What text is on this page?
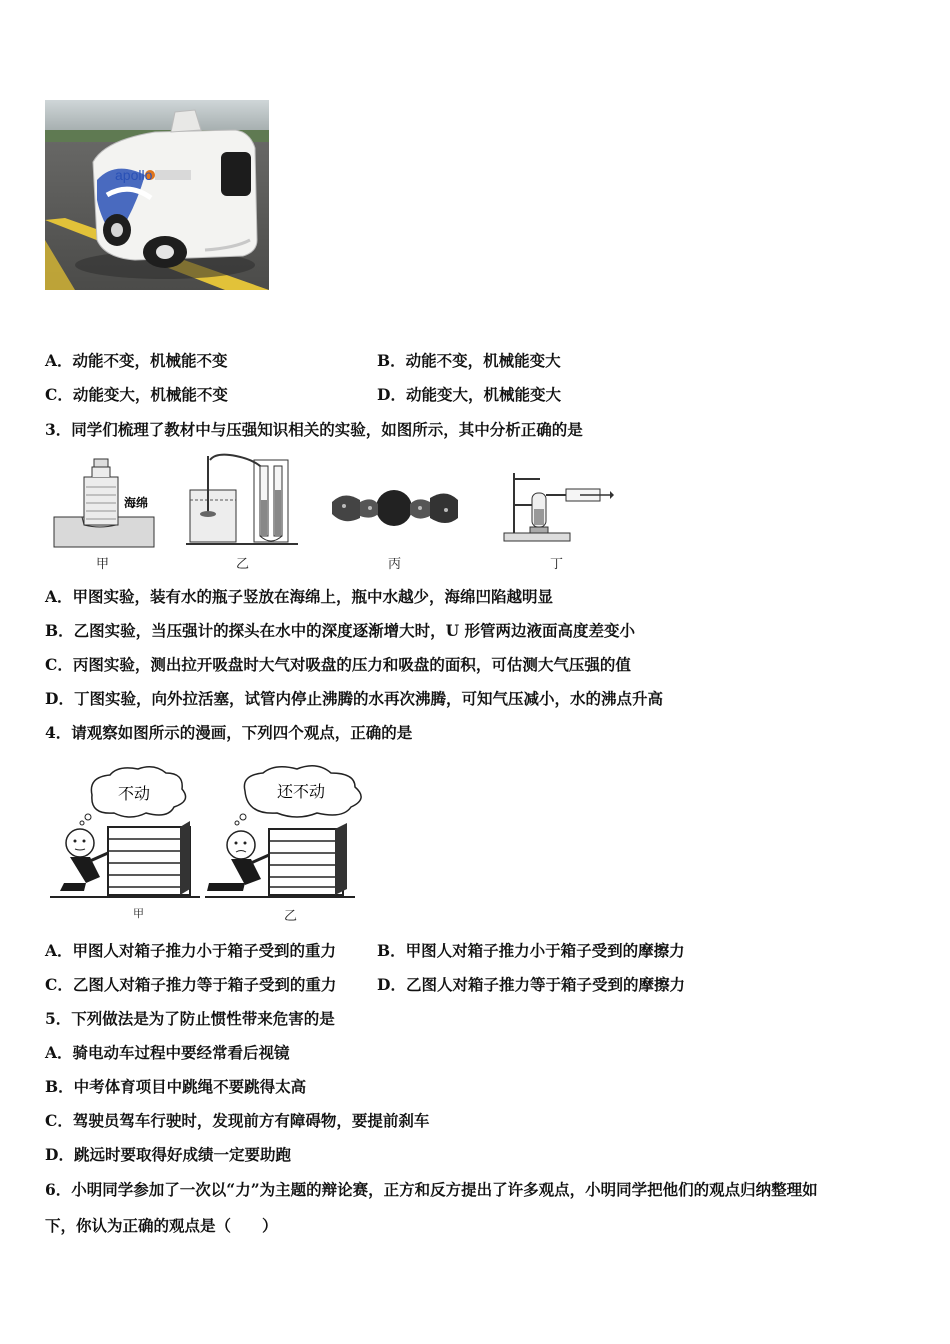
apollo
A．动能不变，机械能不变	B．动能不变，机械能变大
C．动能变大，机械能不变	D．动能变大，机械能变大
3．同学们梳理了教材中与压强知识相关的实验，如图所示，其中分析正确的是
海绵
甲	乙	丙	丁
A．甲图实验，装有水的瓶子竖放在海绵上，瓶中水越少，海绵凹陷越明显
B．乙图实验，当压强计的探头在水中的深度逐渐增大时，U 形管两边液面高度差变小
C．丙图实验，测出拉开吸盘时大气对吸盘的压力和吸盘的面积，可估测大气压强的值
D．丁图实验，向外拉活塞，试管内停止沸腾的水再次沸腾，可知气压减小，水的沸点升高
4．请观察如图所示的漫画，下列四个观点，正确的是
不动
甲
还不动
乙
A．甲图人对箱子推力小于箱子受到的重力	B．甲图人对箱子推力小于箱子受到的摩擦力
C．乙图人对箱子推力等于箱子受到的重力	D．乙图人对箱子推力等于箱子受到的摩擦力
5．下列做法是为了防止惯性带来危害的是
A．骑电动车过程中要经常看后视镜
B．中考体育项目中跳绳不要跳得太高
C．驾驶员驾车行驶时，发现前方有障碍物，要提前刹车
D．跳远时要取得好成绩一定要助跑
6．小明同学参加了一次以“力”为主题的辩论赛，正方和反方提出了许多观点，小明同学把他们的观点归纳整理如
下，你认为正确的观点是（　　）
